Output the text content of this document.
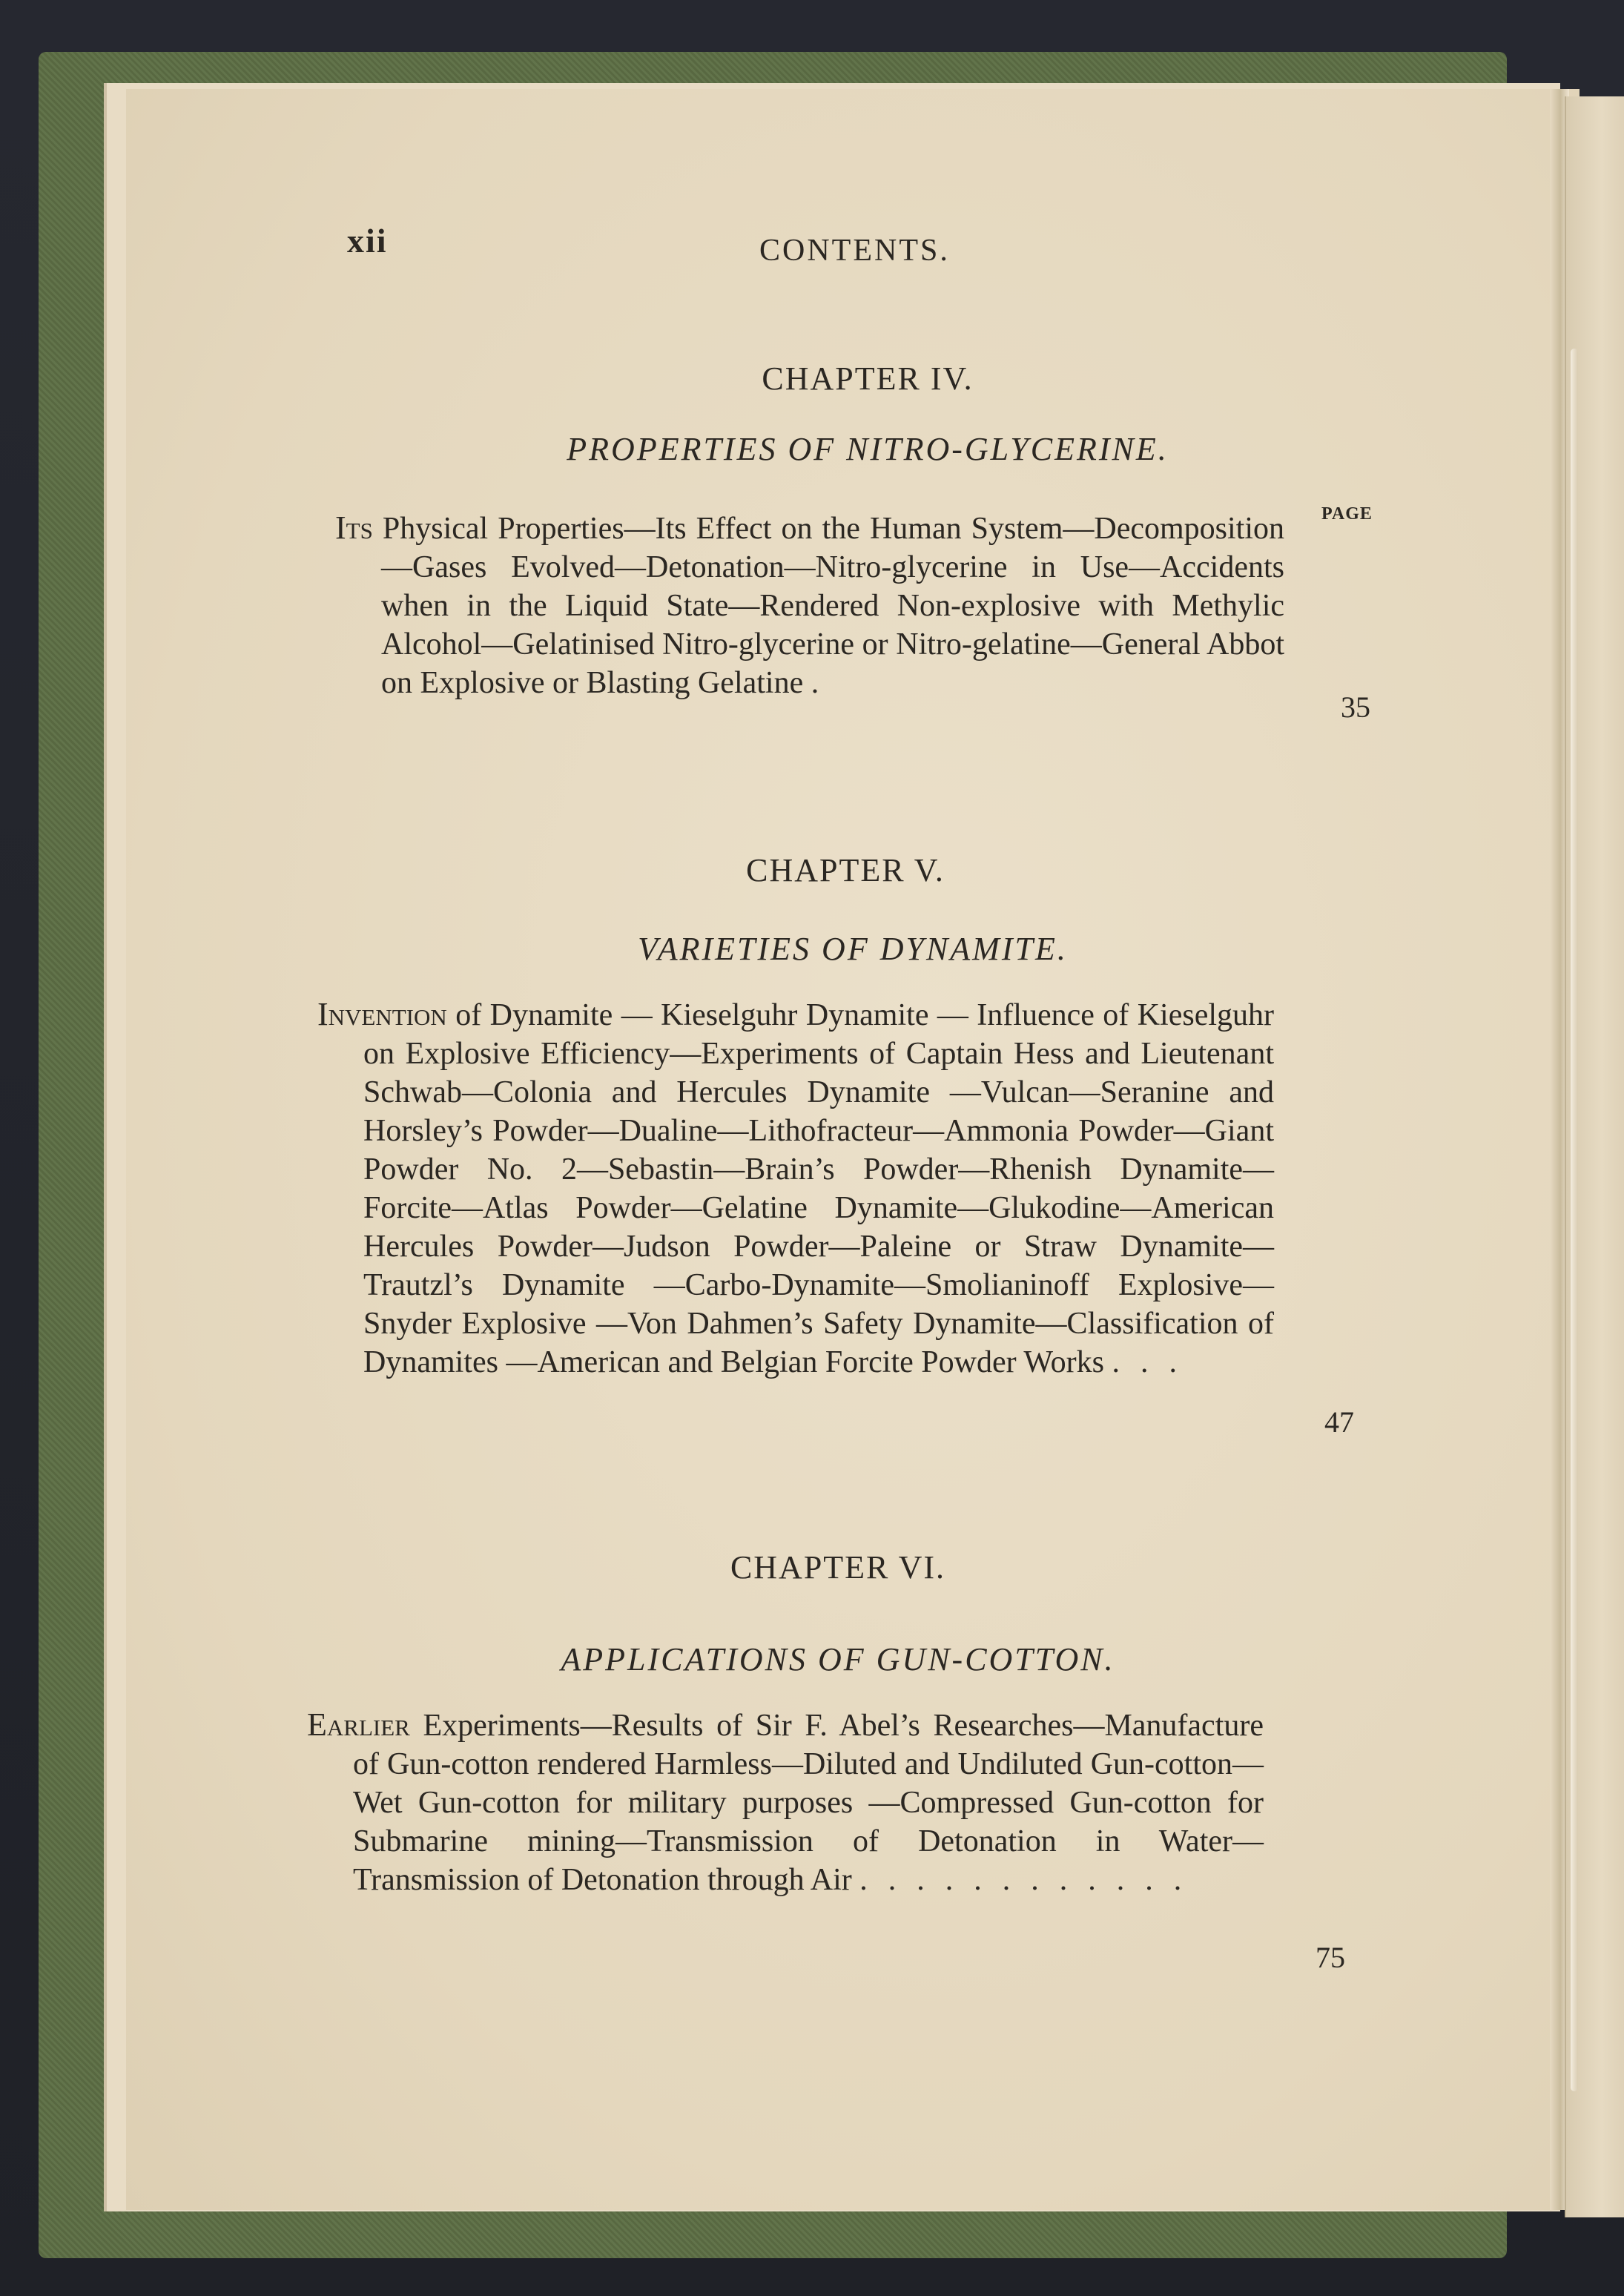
xii	CONTENTS.
CHAPTER IV.
PROPERTIES OF NITRO-GLYCERINE.
PAGE

Its Physical Properties—Its Effect on the Human System—Decomposition—Gases Evolved—Detonation—Nitro-glycerine in Use—Accidents when in the Liquid State—Rendered Non-explosive with Methylic Alcohol—Gelatinised Nitro-glycerine or Nitro-gelatine—General Abbot on Explosive or Blasting Gelatine .

35
CHAPTER V.
VARIETIES OF DYNAMITE.

Invention of Dynamite — Kieselguhr Dynamite — Influence of Kieselguhr on Explosive Efficiency—Experiments of Captain Hess and Lieutenant Schwab—Colonia and Hercules Dynamite —Vulcan—Seranine and Horsley’s Powder—Dualine—Lithofracteur—Ammonia Powder—Giant Powder No. 2—Sebastin—Brain’s Powder—Rhenish Dynamite—Forcite—Atlas Powder—Gelatine Dynamite—Glukodine—American Hercules Powder—Judson Powder—Paleine or Straw Dynamite—Trautzl’s Dynamite —Carbo-Dynamite—Smolianinoff Explosive—Snyder Explosive —Von Dahmen’s Safety Dynamite—Classification of Dynamites —American and Belgian Forcite Powder Works ...

47
CHAPTER VI.
APPLICATIONS OF GUN-COTTON.

Earlier Experiments—Results of Sir F. Abel’s Researches—Manufacture of Gun-cotton rendered Harmless—Diluted and Undiluted Gun-cotton—Wet Gun-cotton for military purposes —Compressed Gun-cotton for Submarine mining—Transmission of Detonation in Water—Transmission of Detonation through Air ............

75
